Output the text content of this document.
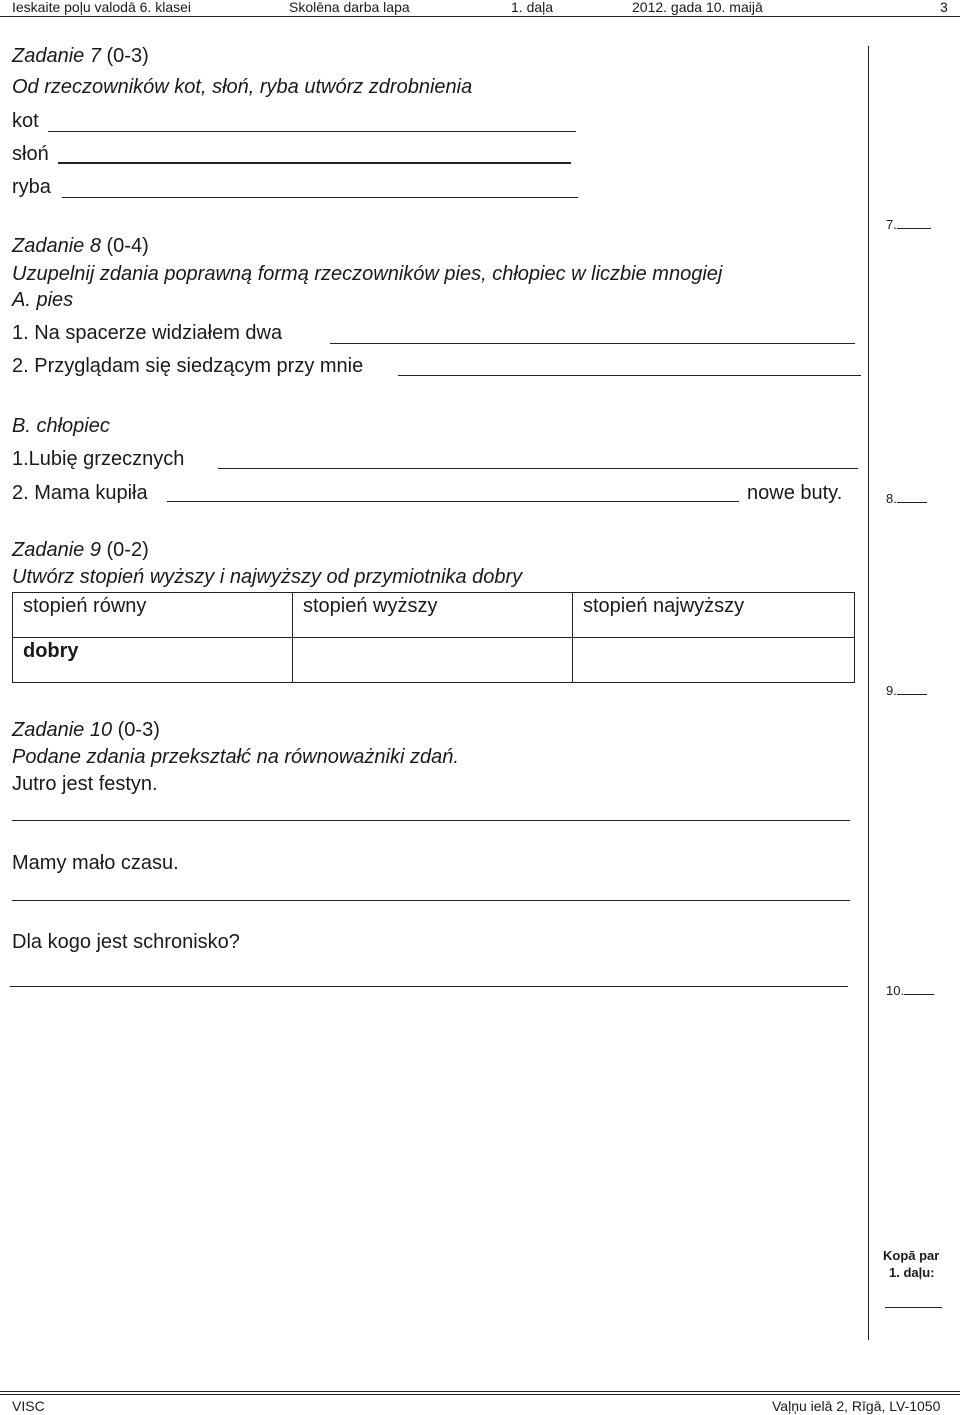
Ieskaite poļu valodā 6. klasei	Skolēna darba lapa	1. daļa	2012. gada 10. maijā	3
Zadanie 7 (0-3)
Od rzeczowników kot, słoń, ryba utwórz zdrobnienia
kot
słoń
ryba
Zadanie 8 (0-4)
Uzupelnij zdania poprawną formą rzeczowników pies, chłopiec w liczbie mnogiej
A. pies
1. Na spacerze widziałem dwa
2. Przyglądam się siedzącym przy mnie
B. chłopiec
1.Lubię grzecznych
2. Mama kupiła	nowe buty.
Zadanie 9 (0-2)
Utwórz stopień wyższy i najwyższy od przymiotnika dobry
stopień równy	stopień wyższy	stopień najwyższy
dobry		
Zadanie 10 (0-3)
Podane zdania przekształć na równoważniki zdań.
Jutro jest festyn.
Mamy mało czasu.
Dla kogo jest schronisko?
7.
8.
9.
10.
Kopā par
1. daļu:
VISC	Vaļņu ielā 2, Rīgā, LV-1050
